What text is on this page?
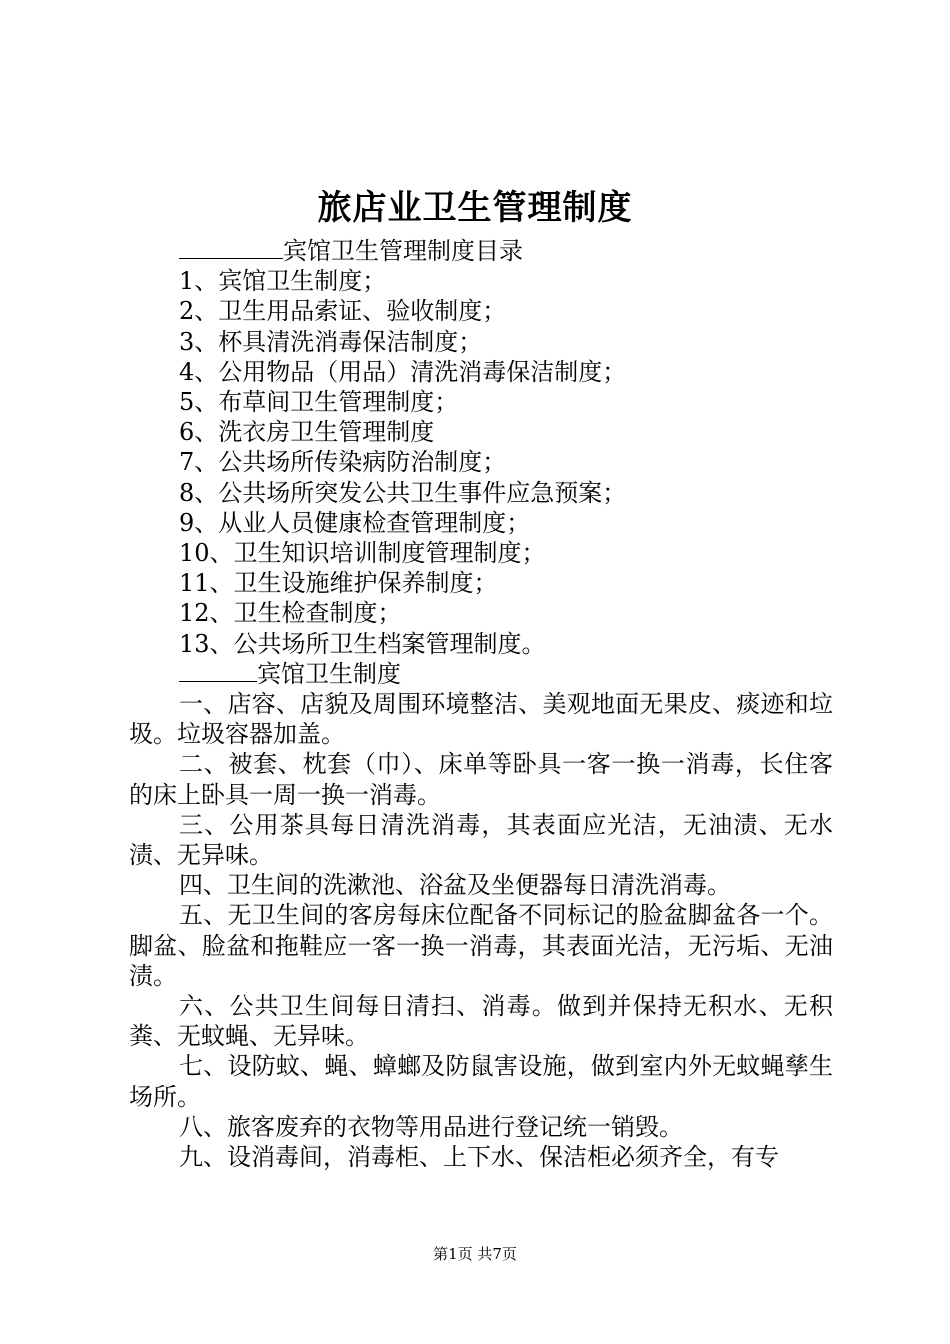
旅店业卫生管理制度

宾馆卫生管理制度目录

1、宾馆卫生制度；

2、卫生用品索证、验收制度；

3、杯具清洗消毒保洁制度；

4、公用物品（用品）清洗消毒保洁制度；

5、布草间卫生管理制度；

6、洗衣房卫生管理制度

7、公共场所传染病防治制度；

8、公共场所突发公共卫生事件应急预案；

9、从业人员健康检查管理制度；

10、卫生知识培训制度管理制度；

11、卫生设施维护保养制度；

12、卫生检查制度；

13、公共场所卫生档案管理制度。

宾馆卫生制度

一、店容、店貌及周围环境整洁、美观地面无果皮、痰迹和垃圾。垃圾容器加盖。

二、被套、枕套（巾）、床单等卧具一客一换一消毒，长住客的床上卧具一周一换一消毒。

三、公用茶具每日清洗消毒，其表面应光洁，无油渍、无水渍、无异味。

四、卫生间的洗漱池、浴盆及坐便器每日清洗消毒。

五、无卫生间的客房每床位配备不同标记的脸盆脚盆各一个。脚盆、脸盆和拖鞋应一客一换一消毒，其表面光洁，无污垢、无油渍。

六、公共卫生间每日清扫、消毒。做到并保持无积水、无积粪、无蚊蝇、无异味。

七、设防蚊、蝇、蟑螂及防鼠害设施，做到室内外无蚊蝇孳生场所。

八、旅客废弃的衣物等用品进行登记统一销毁。

九、设消毒间，消毒柜、上下水、保洁柜必须齐全，有专

第1页 共7页
